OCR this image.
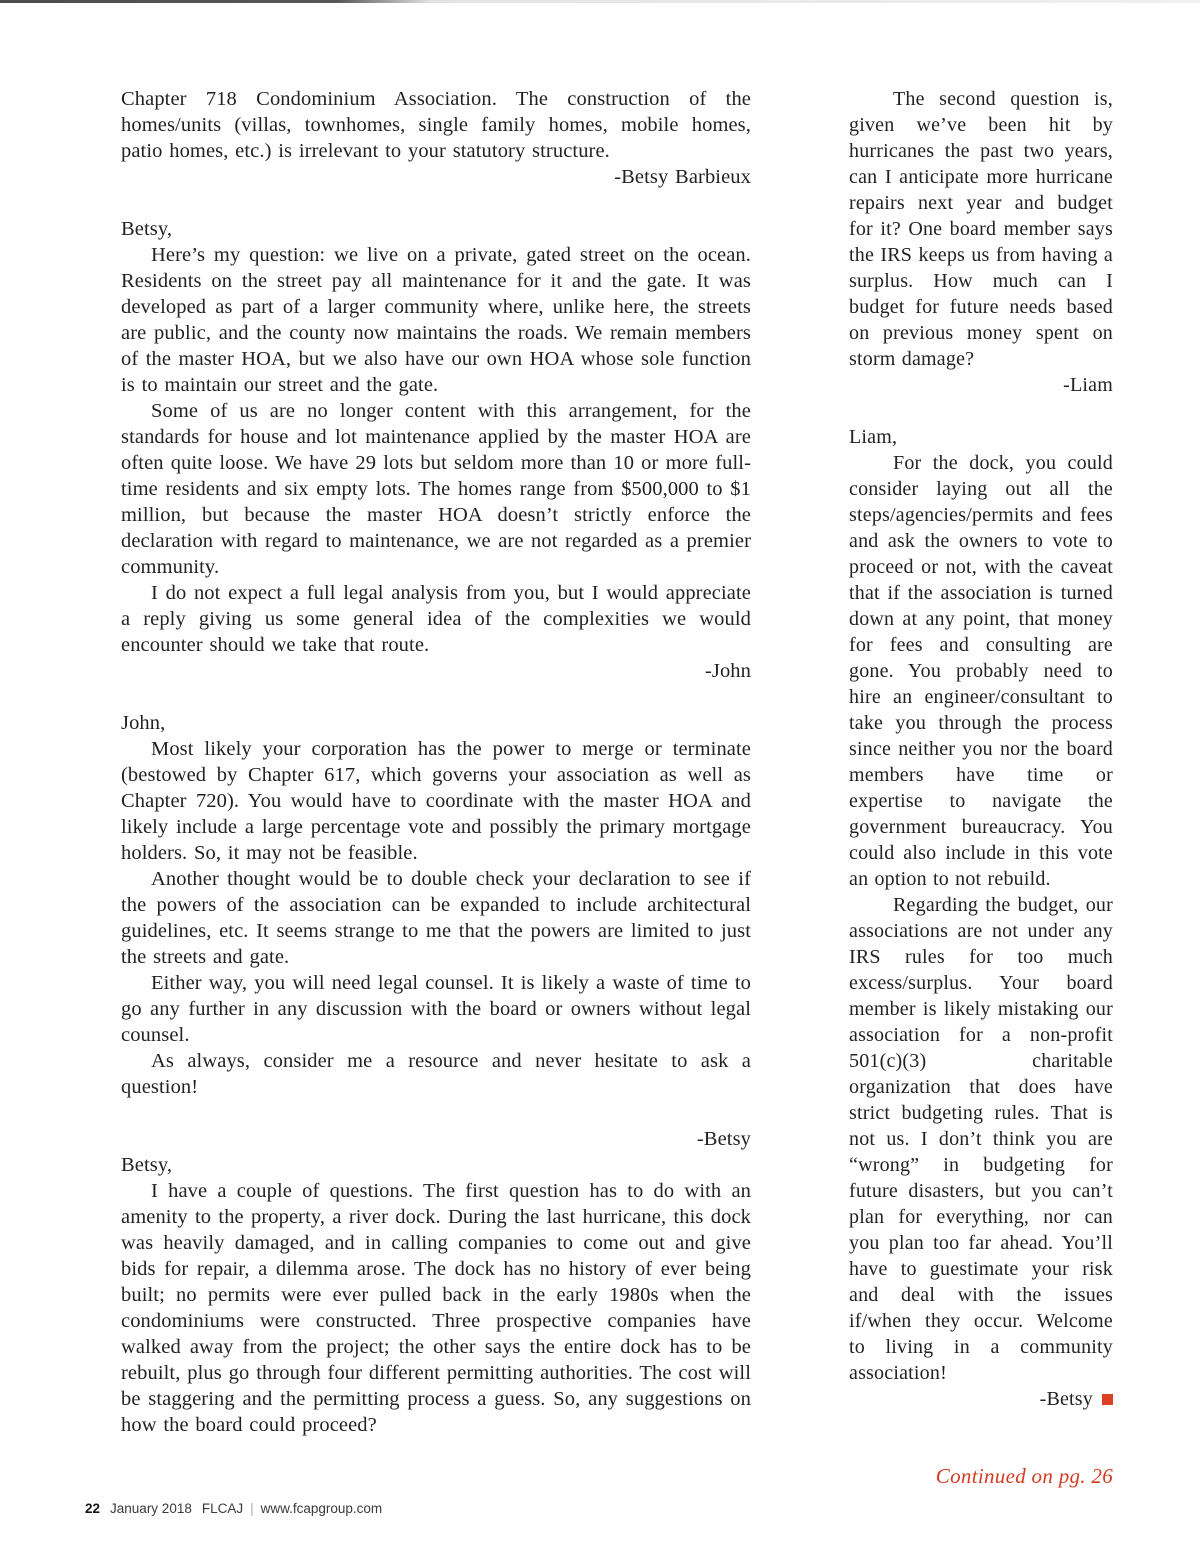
Chapter 718 Condominium Association. The construction of the homes/units (villas, townhomes, single family homes, mobile homes, patio homes, etc.) is irrelevant to your statutory structure.

-Betsy Barbieux

Betsy,

Here’s my question: we live on a private, gated street on the ocean. Residents on the street pay all maintenance for it and the gate. It was developed as part of a larger community where, unlike here, the streets are public, and the county now maintains the roads. We remain members of the master HOA, but we also have our own HOA whose sole function is to maintain our street and the gate.

Some of us are no longer content with this arrangement, for the standards for house and lot maintenance applied by the master HOA are often quite loose. We have 29 lots but seldom more than 10 or more full-time residents and six empty lots. The homes range from $500,000 to $1 million, but because the master HOA doesn’t strictly enforce the declaration with regard to maintenance, we are not regarded as a premier community.

I do not expect a full legal analysis from you, but I would appreciate a reply giving us some general idea of the complexities we would encounter should we take that route.

-John

John,

Most likely your corporation has the power to merge or terminate (bestowed by Chapter 617, which governs your association as well as Chapter 720). You would have to coordinate with the master HOA and likely include a large percentage vote and possibly the primary mortgage holders. So, it may not be feasible.

Another thought would be to double check your declaration to see if the powers of the association can be expanded to include architectural guidelines, etc. It seems strange to me that the powers are limited to just the streets and gate.

Either way, you will need legal counsel. It is likely a waste of time to go any further in any discussion with the board or owners without legal counsel.

As always, consider me a resource and never hesitate to ask a question!

-Betsy

Betsy,

I have a couple of questions. The first question has to do with an amenity to the property, a river dock. During the last hurricane, this dock was heavily damaged, and in calling companies to come out and give bids for repair, a dilemma arose. The dock has no history of ever being built; no permits were ever pulled back in the early 1980s when the condominiums were constructed. Three prospective companies have walked away from the project; the other says the entire dock has to be rebuilt, plus go through four different permitting authorities. The cost will be staggering and the permitting process a guess. So, any suggestions on how the board could proceed?

The second question is, given we’ve been hit by hurricanes the past two years, can I anticipate more hurricane repairs next year and budget for it? One board member says the IRS keeps us from having a surplus. How much can I budget for future needs based on previous money spent on storm damage?

-Liam

Liam,

For the dock, you could consider laying out all the steps/agencies/permits and fees and ask the owners to vote to proceed or not, with the caveat that if the association is turned down at any point, that money for fees and consulting are gone. You probably need to hire an engineer/consultant to take you through the process since neither you nor the board members have time or expertise to navigate the government bureaucracy. You could also include in this vote an option to not rebuild.

Regarding the budget, our associations are not under any IRS rules for too much excess/surplus. Your board member is likely mistaking our association for a non-profit 501(c)(3) charitable organization that does have strict budgeting rules. That is not us. I don’t think you are “wrong” in budgeting for future disasters, but you can’t plan for everything, nor can you plan too far ahead. You’ll have to guestimate your risk and deal with the issues if/when they occur. Welcome to living in a community association!

-Betsy

Continued on pg. 26

22 January 2018 FLCAJ | www.fcapgroup.com
